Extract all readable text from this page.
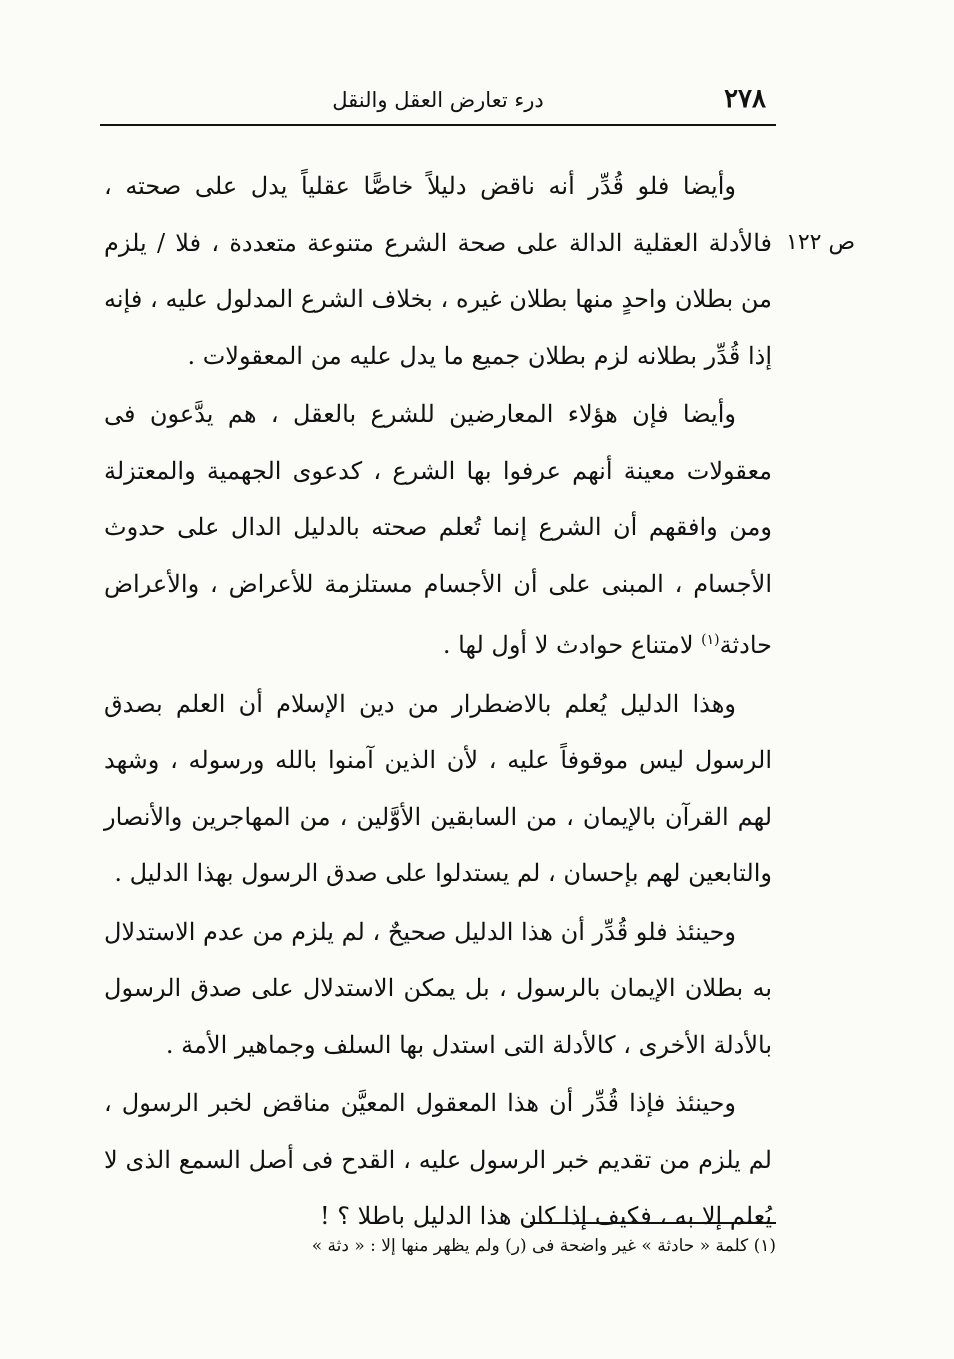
٢٧٨
درء تعارض العقل والنقل
ص ١٢٢

وأيضا فلو قُدِّر أنه ناقض دليلاً خاصًّا عقلياً يدل على صحته ، فالأدلة العقلية الدالة على صحة الشرع متنوعة متعددة ، فلا / يلزم من بطلان واحدٍ منها بطلان غيره ، بخلاف الشرع المدلول عليه ، فإنه إذا قُدِّر بطلانه لزم بطلان جميع ما يدل عليه من المعقولات .

وأيضا فإن هؤلاء المعارضين للشرع بالعقل ، هم يدَّعون فى معقولات معينة أنهم عرفوا بها الشرع ، كدعوى الجهمية والمعتزلة ومن وافقهم أن الشرع إنما تُعلم صحته بالدليل الدال على حدوث الأجسام ، المبنى على أن الأجسام مستلزمة للأعراض ، والأعراض حادثة$^{(١)}$ لامتناع حوادث لا أول لها .

وهذا الدليل يُعلم بالاضطرار من دين الإسلام أن العلم بصدق الرسول ليس موقوفاً عليه ، لأن الذين آمنوا بالله ورسوله ، وشهد لهم القرآن بالإيمان ، من السابقين الأوَّلين ، من المهاجرين والأنصار والتابعين لهم بإحسان ، لم يستدلوا على صدق الرسول بهذا الدليل .

وحينئذ فلو قُدِّر أن هذا الدليل صحيحٌ ، لم يلزم من عدم الاستدلال به بطلان الإيمان بالرسول ، بل يمكن الاستدلال على صدق الرسول بالأدلة الأخرى ، كالأدلة التى استدل بها السلف وجماهير الأمة .

وحينئذ فإذا قُدِّر أن هذا المعقول المعيَّن مناقض لخبر الرسول ، لم يلزم من تقديم خبر الرسول عليه ، القدح فى أصل السمع الذى لا يُعلم إلا به ، فكيف إذا كان هذا الدليل باطلا ؟ !

(١) كلمة « حادثة » غير واضحة فى (ر) ولم يظهر منها إلا : « دثة »
